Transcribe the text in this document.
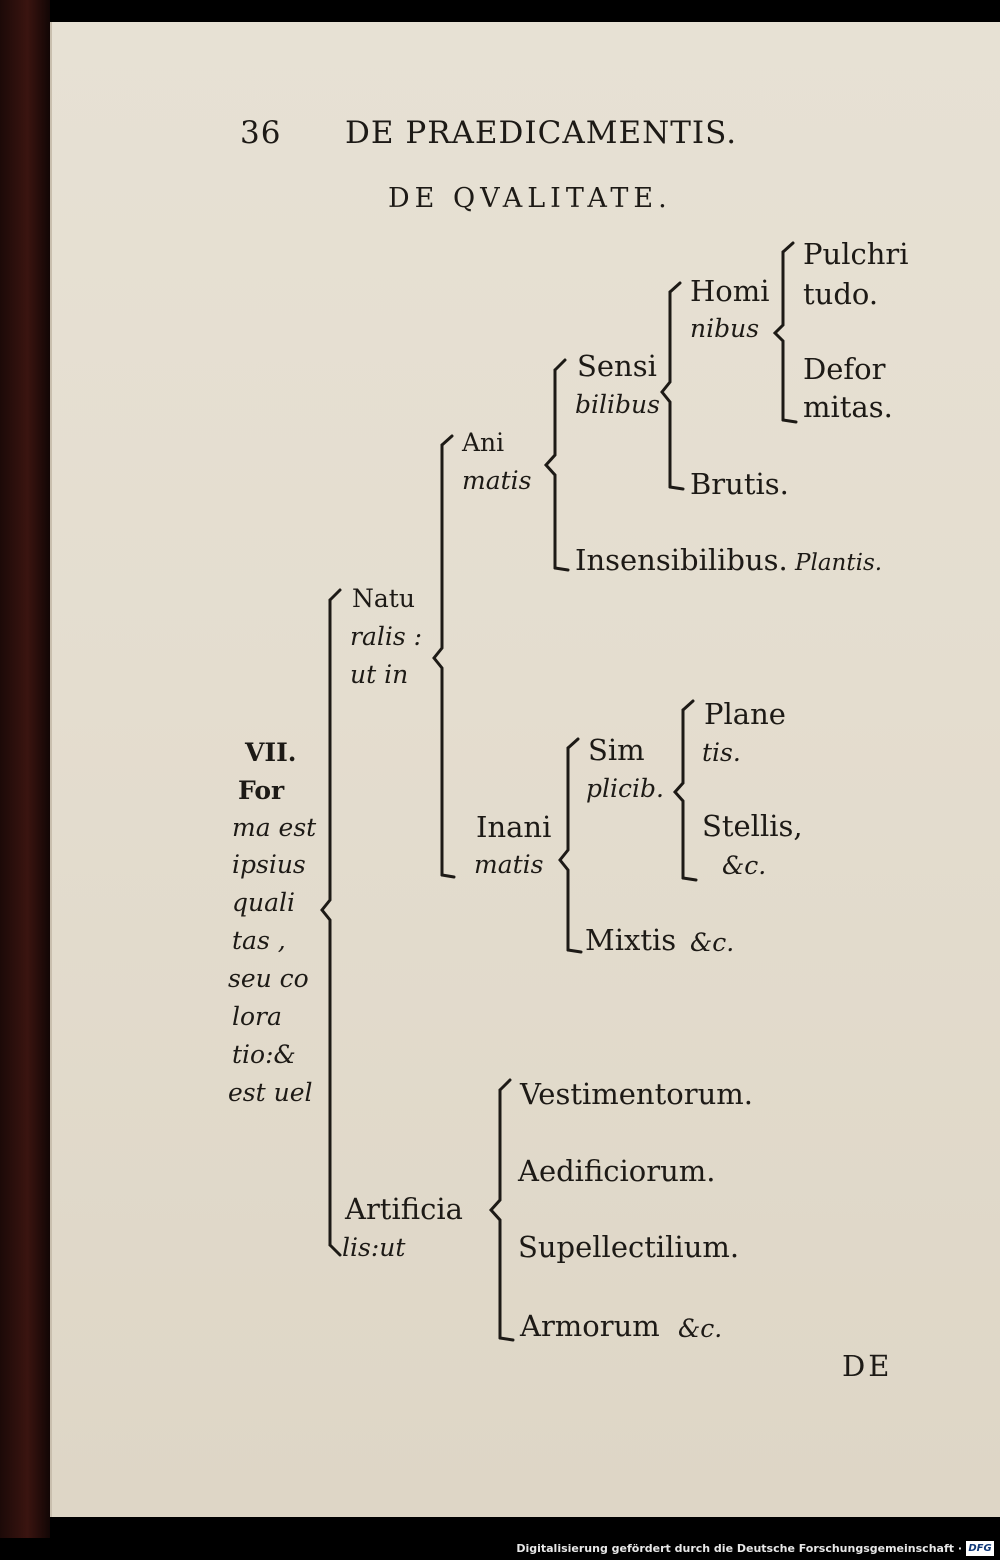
36 DE PRAEDICAMENTIS.
DE QVALITATE.
VII.
For
ma est
ipsius
quali
tas ,
seu co
lora
tio:&
est uel
Natu
ralis :
ut in
Ani
matis
Sensi
bilibus
Homi
nibus
Pulchri
tudo.
Defor
mitas.
Brutis.
Insensibilibus. Plantis.
Inani
matis
Sim
plicib.
Plane
tis.
Stellis,
&c.
Mixtis &c.
Artificia
lis:ut
Vestimentorum.
Aedificiorum.
Supellectilium.
Armorum &c.
DE
Digitalisierung gefördert durch die Deutsche Forschungsgemeinschaft · DFG
